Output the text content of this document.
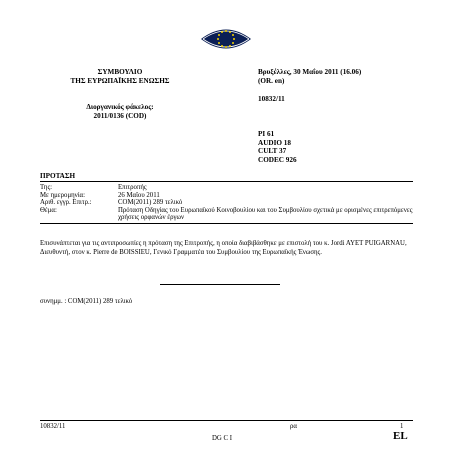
ΣΥΜΒΟΥΛΙΟ
ΤΗΣ ΕΥΡΩΠΑΪΚΗΣ ΕΝΩΣΗΣ
Βρυξέλλες, 30 Μαΐου 2011 (16.06)
(OR. en)
10832/11
Διοργανικός φάκελος:
2011/0136 (COD)
PI 61
AUDIO 18
CULT 37
CODEC 926
ΠΡΟΤΑΣΗ
Της:	Επιτροπής
Με ημερομηνία:	26 Μαΐου 2011
Αριθ. εγγρ. Επιτρ.:	COM(2011) 289 τελικό
Θέμα:	Πρόταση Οδηγίας του Ευρωπαϊκού Κοινοβουλίου και του Συμβουλίου σχετικά με ορισμένες επιτρεπόμενες χρήσεις ορφανών έργων
Επισυνάπτεται για τις αντιπροσωπίες η πρόταση της Επιτροπής, η οποία διαβιβάσθηκε με επιστολή του κ. Jordi AYET PUIGARNAU, Διευθυντή, στον κ. Pierre de BOISSIEU, Γενικό Γραμματέα του Συμβουλίου της Ευρωπαϊκής Ένωσης.
συνημμ. : COM(2011) 289 τελικό
10832/11	ρα	1
DG C I	EL
